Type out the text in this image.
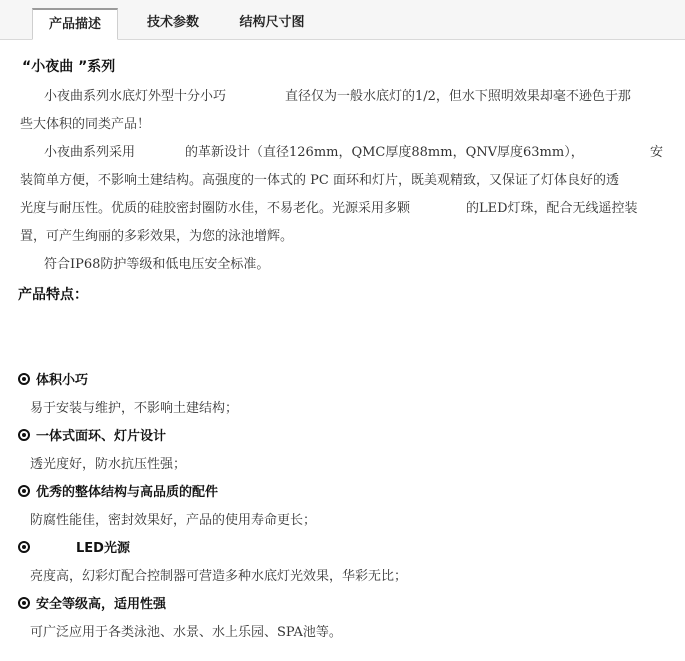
产品描述	技术参数	结构尺寸图
“小夜曲 ”系列
小夜曲系列水底灯外型十分小巧	直径仅为一般水底灯的1/2，但水下照明效果却毫不逊色于那
些大体积的同类产品！
小夜曲系列采用	的革新设计（直径126mm，QMC厚度88mm，QNV厚度63mm），	安
装简单方便，不影响土建结构。高强度的一体式的 PC 面环和灯片，既美观精致，又保证了灯体良好的透
光度与耐压性。优质的硅胶密封圈防水佳，不易老化。光源采用多颗	的LED灯珠，配合无线遥控装
置，可产生绚丽的多彩效果，为您的泳池增辉。
符合IP68防护等级和低电压安全标准。
产品特点：
体积小巧
易于安装与维护，不影响土建结构；
一体式面环、灯片设计
透光度好，防水抗压性强；
优秀的整体结构与高品质的配件
防腐性能佳，密封效果好，产品的使用寿命更长；
LED光源
亮度高，幻彩灯配合控制器可营造多种水底灯光效果，华彩无比；
安全等级高，适用性强
可广泛应用于各类泳池、水景、水上乐园、SPA池等。
